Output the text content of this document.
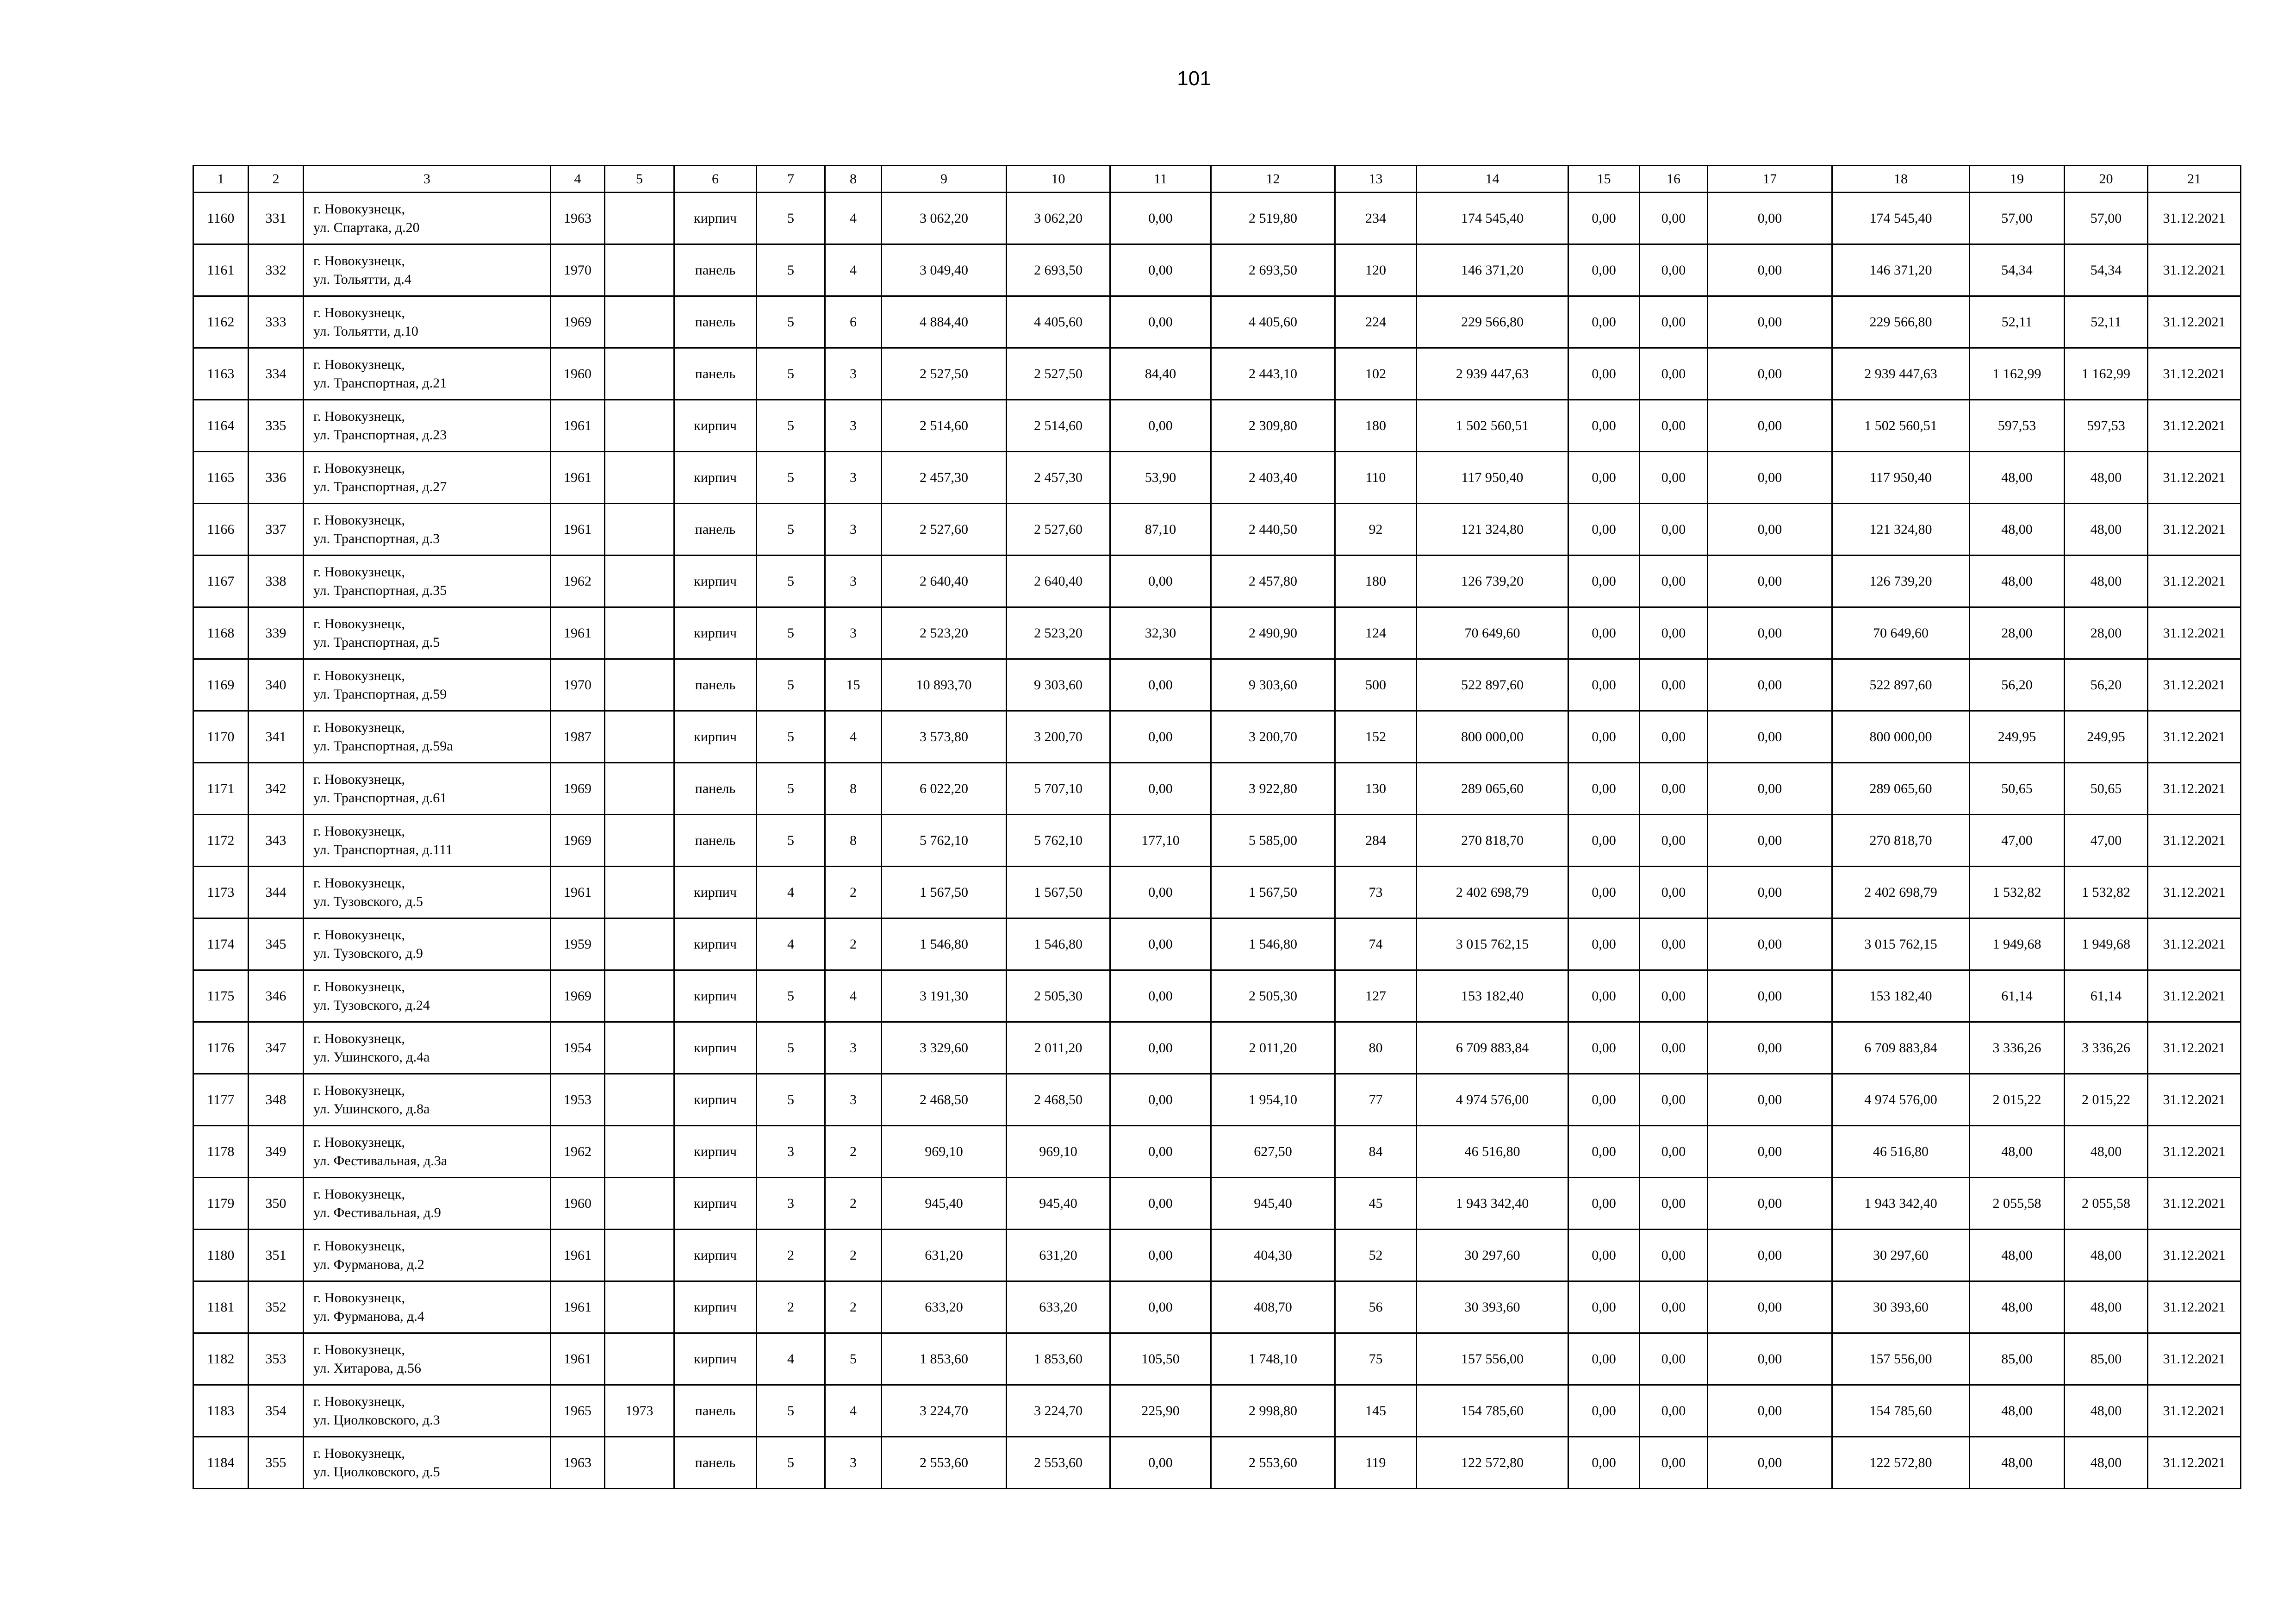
101
1	2	3	4	5	6	7	8	9	10	11	12	13	14	15	16	17	18	19	20	21
1160	331	г. Новокузнецк,
ул. Спартака, д.20	1963		кирпич	5	4	3 062,20	3 062,20	0,00	2 519,80	234	174 545,40	0,00	0,00	0,00	174 545,40	57,00	57,00	31.12.2021
1161	332	г. Новокузнецк,
ул. Тольятти, д.4	1970		панель	5	4	3 049,40	2 693,50	0,00	2 693,50	120	146 371,20	0,00	0,00	0,00	146 371,20	54,34	54,34	31.12.2021
1162	333	г. Новокузнецк,
ул. Тольятти, д.10	1969		панель	5	6	4 884,40	4 405,60	0,00	4 405,60	224	229 566,80	0,00	0,00	0,00	229 566,80	52,11	52,11	31.12.2021
1163	334	г. Новокузнецк,
ул. Транспортная, д.21	1960		панель	5	3	2 527,50	2 527,50	84,40	2 443,10	102	2 939 447,63	0,00	0,00	0,00	2 939 447,63	1 162,99	1 162,99	31.12.2021
1164	335	г. Новокузнецк,
ул. Транспортная, д.23	1961		кирпич	5	3	2 514,60	2 514,60	0,00	2 309,80	180	1 502 560,51	0,00	0,00	0,00	1 502 560,51	597,53	597,53	31.12.2021
1165	336	г. Новокузнецк,
ул. Транспортная, д.27	1961		кирпич	5	3	2 457,30	2 457,30	53,90	2 403,40	110	117 950,40	0,00	0,00	0,00	117 950,40	48,00	48,00	31.12.2021
1166	337	г. Новокузнецк,
ул. Транспортная, д.3	1961		панель	5	3	2 527,60	2 527,60	87,10	2 440,50	92	121 324,80	0,00	0,00	0,00	121 324,80	48,00	48,00	31.12.2021
1167	338	г. Новокузнецк,
ул. Транспортная, д.35	1962		кирпич	5	3	2 640,40	2 640,40	0,00	2 457,80	180	126 739,20	0,00	0,00	0,00	126 739,20	48,00	48,00	31.12.2021
1168	339	г. Новокузнецк,
ул. Транспортная, д.5	1961		кирпич	5	3	2 523,20	2 523,20	32,30	2 490,90	124	70 649,60	0,00	0,00	0,00	70 649,60	28,00	28,00	31.12.2021
1169	340	г. Новокузнецк,
ул. Транспортная, д.59	1970		панель	5	15	10 893,70	9 303,60	0,00	9 303,60	500	522 897,60	0,00	0,00	0,00	522 897,60	56,20	56,20	31.12.2021
1170	341	г. Новокузнецк,
ул. Транспортная, д.59а	1987		кирпич	5	4	3 573,80	3 200,70	0,00	3 200,70	152	800 000,00	0,00	0,00	0,00	800 000,00	249,95	249,95	31.12.2021
1171	342	г. Новокузнецк,
ул. Транспортная, д.61	1969		панель	5	8	6 022,20	5 707,10	0,00	3 922,80	130	289 065,60	0,00	0,00	0,00	289 065,60	50,65	50,65	31.12.2021
1172	343	г. Новокузнецк,
ул. Транспортная, д.111	1969		панель	5	8	5 762,10	5 762,10	177,10	5 585,00	284	270 818,70	0,00	0,00	0,00	270 818,70	47,00	47,00	31.12.2021
1173	344	г. Новокузнецк,
ул. Тузовского, д.5	1961		кирпич	4	2	1 567,50	1 567,50	0,00	1 567,50	73	2 402 698,79	0,00	0,00	0,00	2 402 698,79	1 532,82	1 532,82	31.12.2021
1174	345	г. Новокузнецк,
ул. Тузовского, д.9	1959		кирпич	4	2	1 546,80	1 546,80	0,00	1 546,80	74	3 015 762,15	0,00	0,00	0,00	3 015 762,15	1 949,68	1 949,68	31.12.2021
1175	346	г. Новокузнецк,
ул. Тузовского, д.24	1969		кирпич	5	4	3 191,30	2 505,30	0,00	2 505,30	127	153 182,40	0,00	0,00	0,00	153 182,40	61,14	61,14	31.12.2021
1176	347	г. Новокузнецк,
ул. Ушинского, д.4а	1954		кирпич	5	3	3 329,60	2 011,20	0,00	2 011,20	80	6 709 883,84	0,00	0,00	0,00	6 709 883,84	3 336,26	3 336,26	31.12.2021
1177	348	г. Новокузнецк,
ул. Ушинского, д.8а	1953		кирпич	5	3	2 468,50	2 468,50	0,00	1 954,10	77	4 974 576,00	0,00	0,00	0,00	4 974 576,00	2 015,22	2 015,22	31.12.2021
1178	349	г. Новокузнецк,
ул. Фестивальная, д.3а	1962		кирпич	3	2	969,10	969,10	0,00	627,50	84	46 516,80	0,00	0,00	0,00	46 516,80	48,00	48,00	31.12.2021
1179	350	г. Новокузнецк,
ул. Фестивальная, д.9	1960		кирпич	3	2	945,40	945,40	0,00	945,40	45	1 943 342,40	0,00	0,00	0,00	1 943 342,40	2 055,58	2 055,58	31.12.2021
1180	351	г. Новокузнецк,
ул. Фурманова, д.2	1961		кирпич	2	2	631,20	631,20	0,00	404,30	52	30 297,60	0,00	0,00	0,00	30 297,60	48,00	48,00	31.12.2021
1181	352	г. Новокузнецк,
ул. Фурманова, д.4	1961		кирпич	2	2	633,20	633,20	0,00	408,70	56	30 393,60	0,00	0,00	0,00	30 393,60	48,00	48,00	31.12.2021
1182	353	г. Новокузнецк,
ул. Хитарова, д.56	1961		кирпич	4	5	1 853,60	1 853,60	105,50	1 748,10	75	157 556,00	0,00	0,00	0,00	157 556,00	85,00	85,00	31.12.2021
1183	354	г. Новокузнецк,
ул. Циолковского, д.3	1965	1973	панель	5	4	3 224,70	3 224,70	225,90	2 998,80	145	154 785,60	0,00	0,00	0,00	154 785,60	48,00	48,00	31.12.2021
1184	355	г. Новокузнецк,
ул. Циолковского, д.5	1963		панель	5	3	2 553,60	2 553,60	0,00	2 553,60	119	122 572,80	0,00	0,00	0,00	122 572,80	48,00	48,00	31.12.2021
